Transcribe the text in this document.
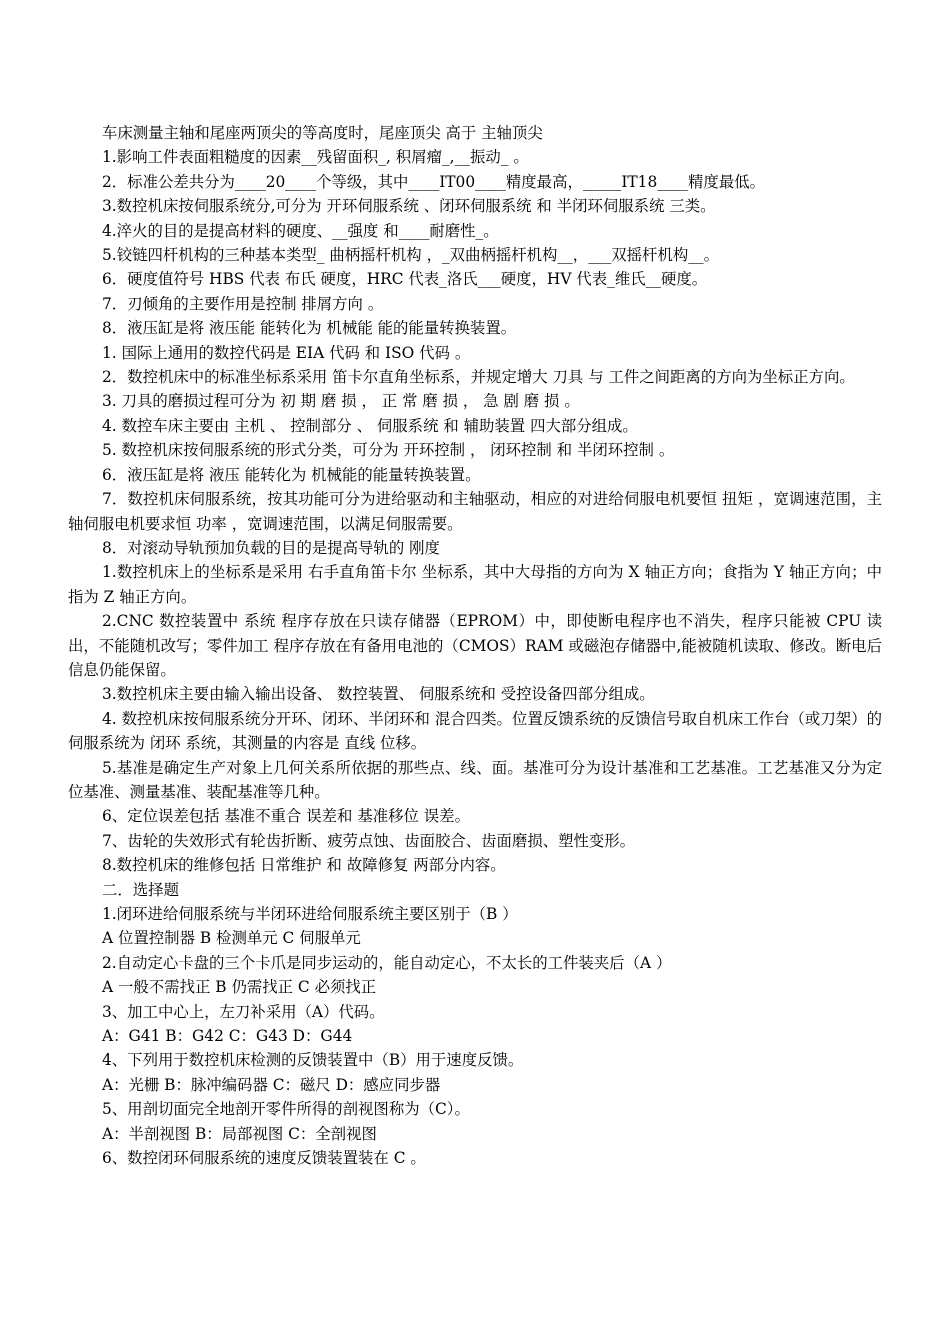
车床测量主轴和尾座两顶尖的等高度时，尾座顶尖 高于 主轴顶尖

1.影响工件表面粗糙度的因素__残留面积_, 积屑瘤_,__振动_ 。

2．标准公差共分为____20____个等级，其中____IT00____精度最高，_____IT18____精度最低。

3.数控机床按伺服系统分,可分为 开环伺服系统 、闭环伺服系统 和 半闭环伺服系统 三类。

4.淬火的目的是提高材料的硬度、__强度 和____耐磨性_。

5.铰链四杆机构的三种基本类型_ 曲柄摇杆机构 ，_双曲柄摇杆机构__，___双摇杆机构__。

6．硬度值符号 HBS 代表 布氏 硬度，HRC 代表_洛氏___硬度，HV 代表_维氏__硬度。

7．刃倾角的主要作用是控制 排屑方向 。

8．液压缸是将 液压能 能转化为 机械能 能的能量转换装置。

1. 国际上通用的数控代码是 EIA 代码 和 ISO 代码 。

2．数控机床中的标准坐标系采用 笛卡尔直角坐标系，并规定增大 刀具 与 工件之间距离的方向为坐标正方向。

3. 刀具的磨损过程可分为 初 期 磨 损 ， 正 常 磨 损 ， 急 剧 磨 损 。

4. 数控车床主要由 主机 、 控制部分 、 伺服系统 和 辅助装置 四大部分组成。

5. 数控机床按伺服系统的形式分类，可分为 开环控制 ， 闭环控制 和 半闭环控制 。

6．液压缸是将 液压 能转化为 机械能的能量转换装置。

7．数控机床伺服系统，按其功能可分为进给驱动和主轴驱动，相应的对进给伺服电机要恒 扭矩 ，宽调速范围，主轴伺服电机要求恒 功率 ，宽调速范围，以满足伺服需要。

8．对滚动导轨预加负载的目的是提高导轨的 刚度

1.数控机床上的坐标系是采用 右手直角笛卡尔 坐标系，其中大母指的方向为 X 轴正方向；食指为 Y 轴正方向；中指为 Z 轴正方向。

2.CNC 数控装置中 系统 程序存放在只读存储器（EPROM）中，即使断电程序也不消失，程序只能被 CPU 读出，不能随机改写；零件加工 程序存放在有备用电池的（CMOS）RAM 或磁泡存储器中,能被随机读取、修改。断电后信息仍能保留。

3.数控机床主要由输入输出设备、 数控装置、 伺服系统和 受控设备四部分组成。

4. 数控机床按伺服系统分开环、闭环、半闭环和 混合四类。位置反馈系统的反馈信号取自机床工作台（或刀架）的伺服系统为 闭环 系统，其测量的内容是 直线 位移。

5.基准是确定生产对象上几何关系所依据的那些点、线、面。基准可分为设计基准和工艺基准。工艺基准又分为定位基准、测量基准、装配基准等几种。

6、定位误差包括 基准不重合 误差和 基准移位 误差。

7、齿轮的失效形式有轮齿折断、疲劳点蚀、齿面胶合、齿面磨损、塑性变形。

8.数控机床的维修包括 日常维护 和 故障修复 两部分内容。

二．选择题

1.闭环进给伺服系统与半闭环进给伺服系统主要区别于（B ）

A 位置控制器 B 检测单元 C 伺服单元

2.自动定心卡盘的三个卡爪是同步运动的，能自动定心，不太长的工件装夹后（A ）

A 一般不需找正 B 仍需找正 C 必须找正

3、加工中心上，左刀补采用（A）代码。

A：G41 B：G42 C：G43 D：G44

4、下列用于数控机床检测的反馈装置中（B）用于速度反馈。

A：光栅 B：脉冲编码器 C：磁尺 D：感应同步器

5、用剖切面完全地剖开零件所得的剖视图称为（C）。

A：半剖视图 B：局部视图 C：全剖视图

6、数控闭环伺服系统的速度反馈装置装在 C 。
